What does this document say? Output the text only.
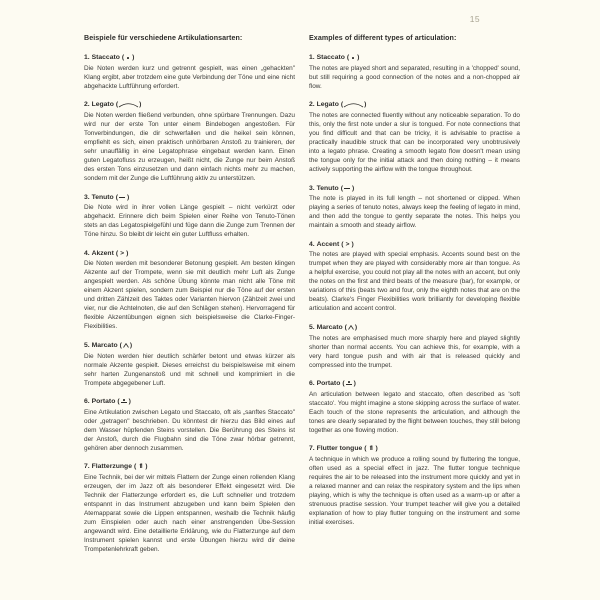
15
Beispiele für verschiedene Artikulationsarten:
1.
Staccato ( )

Die Noten werden kurz und getrennt gespielt, was einen „gehackten" Klang ergibt, aber trotzdem eine gute Verbindung der Töne und eine nicht abgehackte Luftführung erfordert.

2.
Legato (	)

Die Noten werden fließend verbunden, ohne spürbare Trennungen. Dazu wird nur der erste Ton unter einem Bindebogen angestoßen. Für Tonverbindungen, die dir schwerfallen und die heikel sein können, empfiehlt es sich, einen praktisch unhörbaren Anstoß zu trainieren, der sehr unauffällig in eine Legatophrase eingebaut werden kann. Einen guten Legatofluss zu erzeugen, heißt nicht, die Zunge nur beim Anstoß des ersten Tons einzusetzen und dann einfach nichts mehr zu machen, sondern mit der Zunge die Luftführung aktiv zu unterstützen.

3.
Tenuto ( )

Die Note wird in ihrer vollen Länge gespielt – nicht verkürzt oder abgehackt. Erinnere dich beim Spielen einer Reihe von Tenuto-Tönen stets an das Legatospielgefühl und füge dann die Zunge zum Trennen der Töne hinzu. So bleibt dir leicht ein guter Luftfluss erhalten.

4.
Akzent ( > )

Die Noten werden mit besonderer Betonung gespielt. Am besten klingen Akzente auf der Trompete, wenn sie mit deutlich mehr Luft als Zunge angespielt werden. Als schöne Übung könnte man nicht alle Töne mit einem Akzent spielen, sondern zum Beispiel nur die Töne auf der ersten und dritten Zählzeit des Taktes oder Varianten hiervon (Zählzeit zwei und vier, nur die Achtelnoten, die auf den Schlägen stehen). Hervorragend für flexible Akzentübungen eignen sich beispielsweise die Clarke-Finger-Flexibilities.

5.
Marcato ( )

Die Noten werden hier deutlich schärfer betont und etwas kürzer als normale Akzente gespielt. Dieses erreichst du beispielsweise mit einem sehr harten Zungenanstoß und mit schnell und komprimiert in die Trompete abgegebener Luft.

6.
Portato ( )

Eine Artikulation zwischen Legato und Staccato, oft als „sanftes Staccato" oder „getragen" beschrieben. Du könntest dir hierzu das Bild eines auf dem Wasser hüpfenden Steins vorstellen. Die Berührung des Steins ist der Anstoß, durch die Flugbahn sind die Töne zwar hörbar getrennt, gehören aber dennoch zusammen.

7.
Flatterzunge ( fl )

Eine Technik, bei der wir mittels Flattern der Zunge einen rollenden Klang erzeugen, der im Jazz oft als besonderer Effekt eingesetzt wird. Die Technik der Flatterzunge erfordert es, die Luft schneller und trotzdem entspannt in das Instrument abzugeben und kann beim Spielen den Atemapparat sowie die Lippen entspannen, weshalb die Technik häufig zum Einspielen oder auch nach einer anstrengenden Übe-Session angewandt wird. Eine detaillierte Erklärung, wie du Flatterzunge auf dem Instrument spielen kannst und erste Übungen hierzu wird dir deine Trompetenlehrkraft geben.

Examples of different types of articulation:
1.
Staccato ( )

The notes are played short and separated, resulting in a 'chopped' sound, but still requiring a good connection of the notes and a non-chopped air flow.

2.
Legato (	)

The notes are connected fluently without any noticeable separation. To do this, only the first note under a slur is tongued. For note connections that you find difficult and that can be tricky, it is advisable to practise a practically inaudible struck that can be incorporated very unobtrusively into a legato phrase. Creating a smooth legato flow doesn't mean using the tongue only for the initial attack and then doing nothing – it means actively supporting the airflow with the tongue throughout.

3.
Tenuto ( )

The note is played in its full length – not shortened or clipped. When playing a series of tenuto notes, always keep the feeling of legato in mind, and then add the tongue to gently separate the notes. This helps you maintain a smooth and steady airflow.

4.
Accent ( > )

The notes are played with special emphasis. Accents sound best on the trumpet when they are played with considerably more air than tongue. As a helpful exercise, you could not play all the notes with an accent, but only the notes on the first and third beats of the measure (bar), for example, or variations of this (beats two and four, only the eighth notes that are on the beats). Clarke's Finger Flexibilities work brilliantly for developing flexible articulation and accent control.

5.
Marcato ( )

The notes are emphasised much more sharply here and played slightly shorter than normal accents. You can achieve this, for example, with a very hard tongue push and with air that is released quickly and compressed into the trumpet.

6.
Portato ( )

An articulation between legato and staccato, often described as 'soft staccato'. You might imagine a stone skipping across the surface of water. Each touch of the stone represents the articulation, and although the tones are clearly separated by the flight between touches, they still belong together as one flowing motion.

7.
Flutter tongue ( fl )

A technique in which we produce a rolling sound by fluttering the tongue, often used as a special effect in jazz. The flutter tongue technique requires the air to be released into the instrument more quickly and yet in a relaxed manner and can relax the respiratory system and the lips when playing, which is why the technique is often used as a warm-up or after a strenuous practise session. Your trumpet teacher will give you a detailed explanation of how to play flutter tonguing on the instrument and some initial exercises.
